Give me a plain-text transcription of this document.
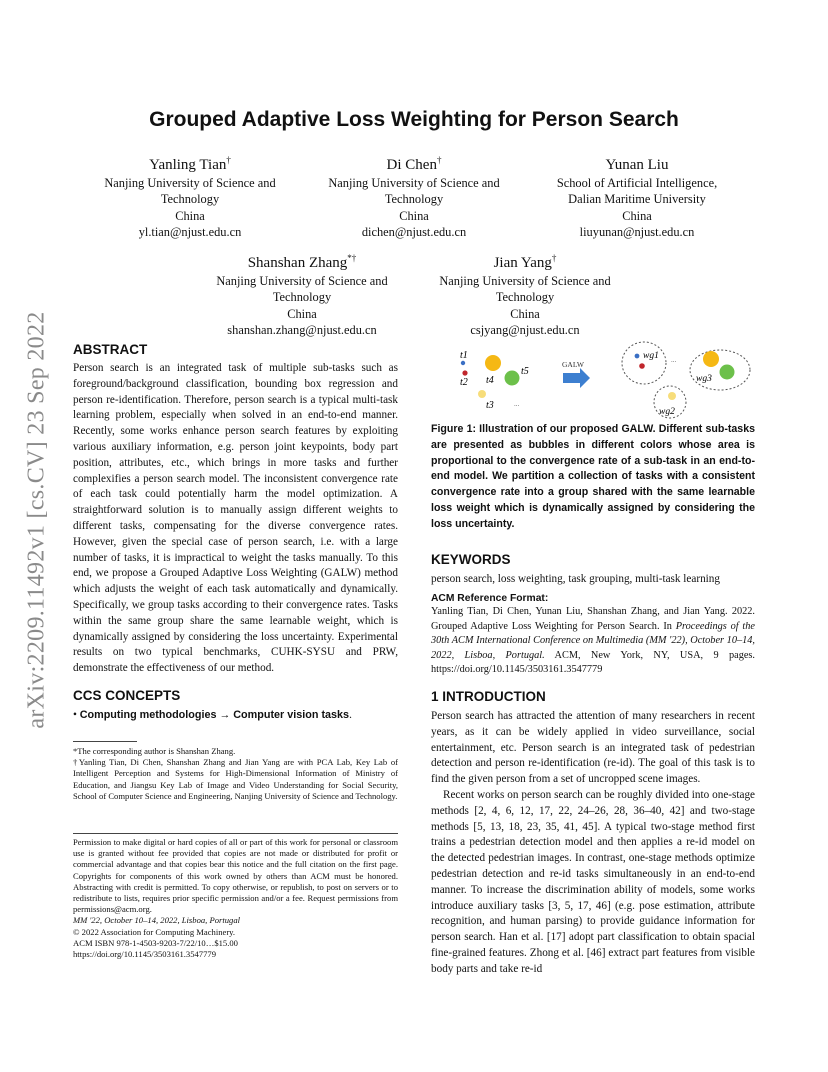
arXiv:2209.11492v1 [cs.CV] 23 Sep 2022
Grouped Adaptive Loss Weighting for Person Search
Yanling Tian†
Nanjing University of Science and
Technology
China
yl.tian@njust.edu.cn
Di Chen†
Nanjing University of Science and
Technology
China
dichen@njust.edu.cn
Yunan Liu
School of Artificial Intelligence,
Dalian Maritime University
China
liuyunan@njust.edu.cn
Shanshan Zhang*†
Nanjing University of Science and
Technology
China
shanshan.zhang@njust.edu.cn
Jian Yang†
Nanjing University of Science and
Technology
China
csjyang@njust.edu.cn
ABSTRACT

Person search is an integrated task of multiple sub-tasks such as foreground/background classification, bounding box regression and person re-identification. Therefore, person search is a typical multi-task learning problem, especially when solved in an end-to-end manner. Recently, some works enhance person search features by exploiting various auxiliary information, e.g. person joint keypoints, body part position, attributes, etc., which brings in more tasks and further complexifies a person search model. The inconsistent convergence rate of each task could potentially harm the model optimization. A straightforward solution is to manually assign different weights to different tasks, compensating for the diverse convergence rates. However, given the special case of person search, i.e. with a large number of tasks, it is impractical to weight the tasks manually. To this end, we propose a Grouped Adaptive Loss Weighting (GALW) method which adjusts the weight of each task automatically and dynamically. Specifically, we group tasks according to their convergence rates. Tasks within the same group share the same learnable weight, which is dynamically assigned by considering the loss uncertainty. Experimental results on two typical benchmarks, CUHK-SYSU and PRW, demonstrate the effectiveness of our method.

CCS CONCEPTS
• Computing methodologies → Computer vision tasks.
*The corresponding author is Shanshan Zhang.
†Yanling Tian, Di Chen, Shanshan Zhang and Jian Yang are with PCA Lab, Key Lab of Intelligent Perception and Systems for High-Dimensional Information of Ministry of Education, and Jiangsu Key Lab of Image and Video Understanding for Social Security, School of Computer Science and Engineering, Nanjing University of Science and Technology.
Permission to make digital or hard copies of all or part of this work for personal or classroom use is granted without fee provided that copies are not made or distributed for profit or commercial advantage and that copies bear this notice and the full citation on the first page. Copyrights for components of this work owned by others than ACM must be honored. Abstracting with credit is permitted. To copy otherwise, or republish, to post on servers or to redistribute to lists, requires prior specific permission and/or a fee. Request permissions from permissions@acm.org.
MM '22, October 10–14, 2022, Lisboa, Portugal
© 2022 Association for Computing Machinery.
ACM ISBN 978-1-4503-9203-7/22/10…$15.00
https://doi.org/10.1145/3503161.3547779
t1
t2 t4
t5
t3	...
GALW
wg1
wg3
wg2
...
Figure 1: Illustration of our proposed GALW. Different sub-tasks are presented as bubbles in different colors whose area is proportional to the convergence rate of a sub-task in an end-to-end model. We partition a collection of tasks with a consistent convergence rate into a group shared with the same learnable loss weight which is dynamically assigned by considering the loss uncertainty.
KEYWORDS
person search, loss weighting, task grouping, multi-task learning
ACM Reference Format:
Yanling Tian, Di Chen, Yunan Liu, Shanshan Zhang, and Jian Yang. 2022. Grouped Adaptive Loss Weighting for Person Search. In Proceedings of the 30th ACM International Conference on Multimedia (MM '22), October 10–14, 2022, Lisboa, Portugal. ACM, New York, NY, USA, 9 pages. https://doi.org/10.1145/3503161.3547779
1 INTRODUCTION

Person search has attracted the attention of many researchers in recent years, as it can be widely applied in video surveillance, social entertainment, etc. Person search is an integrated task of pedestrian detection and person re-identification (re-id). The goal of this task is to find the given person from a set of uncropped scene images.

Recent works on person search can be roughly divided into one-stage methods [2, 4, 6, 12, 17, 22, 24–26, 28, 36–40, 42] and two-stage methods [5, 13, 18, 23, 35, 41, 45]. A typical two-stage method first trains a pedestrian detection model and then applies a re-id model on the detected pedestrian images. In contrast, one-stage methods optimize pedestrian detection and re-id tasks simultaneously in an end-to-end manner. To increase the discrimination ability of models, some works introduce auxiliary tasks [3, 5, 17, 46] (e.g. pose estimation, attribute recognition, and human parsing) to provide guidance information for person search. Han et al. [17] adopt part classification to obtain spacial fine-grained features. Zhong et al. [46] extract part features from visible body parts and take re-id
